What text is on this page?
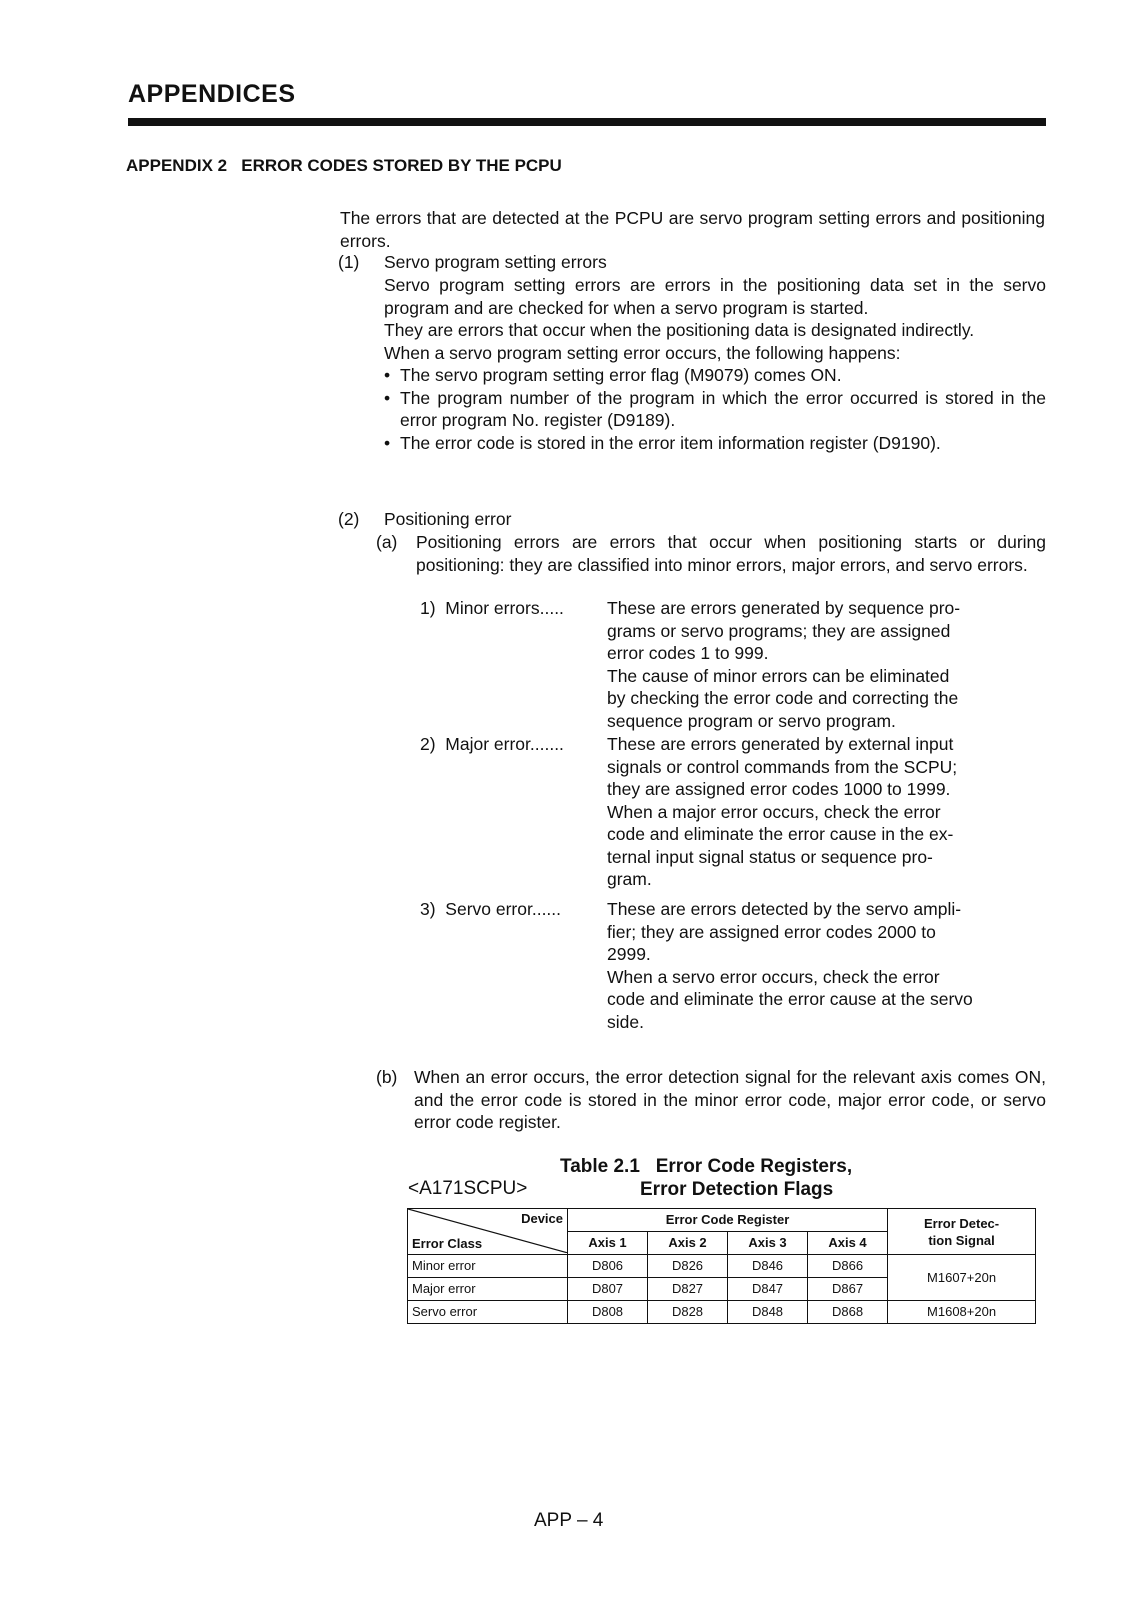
APPENDICES
APPENDIX 2 ERROR CODES STORED BY THE PCPU

The errors that are detected at the PCPU are servo program setting errors and positioning errors.

(1) Servo program setting errors

Servo program setting errors are errors in the positioning data set in the servo program and are checked for when a servo program is started.

They are errors that occur when the positioning data is designated indirectly.

When a servo program setting error occurs, the following happens:

• The servo program setting error flag (M9079) comes ON.
• The program number of the program in which the error occurred is stored in the error program No. register (D9189).
• The error code is stored in the error item information register (D9190).
(2) Positioning error
(a) Positioning errors are errors that occur when positioning starts or during positioning: they are classified into minor errors, major errors, and servo errors.

1)  Minor errors..... These are errors generated by sequence pro-
grams or servo programs; they are assigned
error codes 1 to 999.
The cause of minor errors can be eliminated
by checking the error code and correcting the
sequence program or servo program.
2)  Major error....... These are errors generated by external input
signals or control commands from the SCPU;
they are assigned error codes 1000 to 1999.
When a major error occurs, check the error
code and eliminate the error cause in the ex-
ternal input signal status or sequence pro-
gram.
3)  Servo error......	These are errors detected by the servo ampli-
fier; they are assigned error codes 2000 to
2999.
When a servo error occurs, check the error
code and eliminate the error cause at the servo
side.
(b) When an error occurs, the error detection signal for the relevant axis comes ON, and the error code is stored in the minor error code, major error code, or servo error code register.

Table 2.1   Error Code Registers,
Error Detection Flags
<A171SCPU>
Device
Error Class	Error Code Register				Error Detec-
tion Signal
	Axis 1	Axis 2	Axis 3	Axis 4	
Minor error	D806	D826	D846	D866	M1607+20n
Major error	D807	D827	D847	D867	
Servo error	D808	D828	D848	D868	M1608+20n
APP – 4
